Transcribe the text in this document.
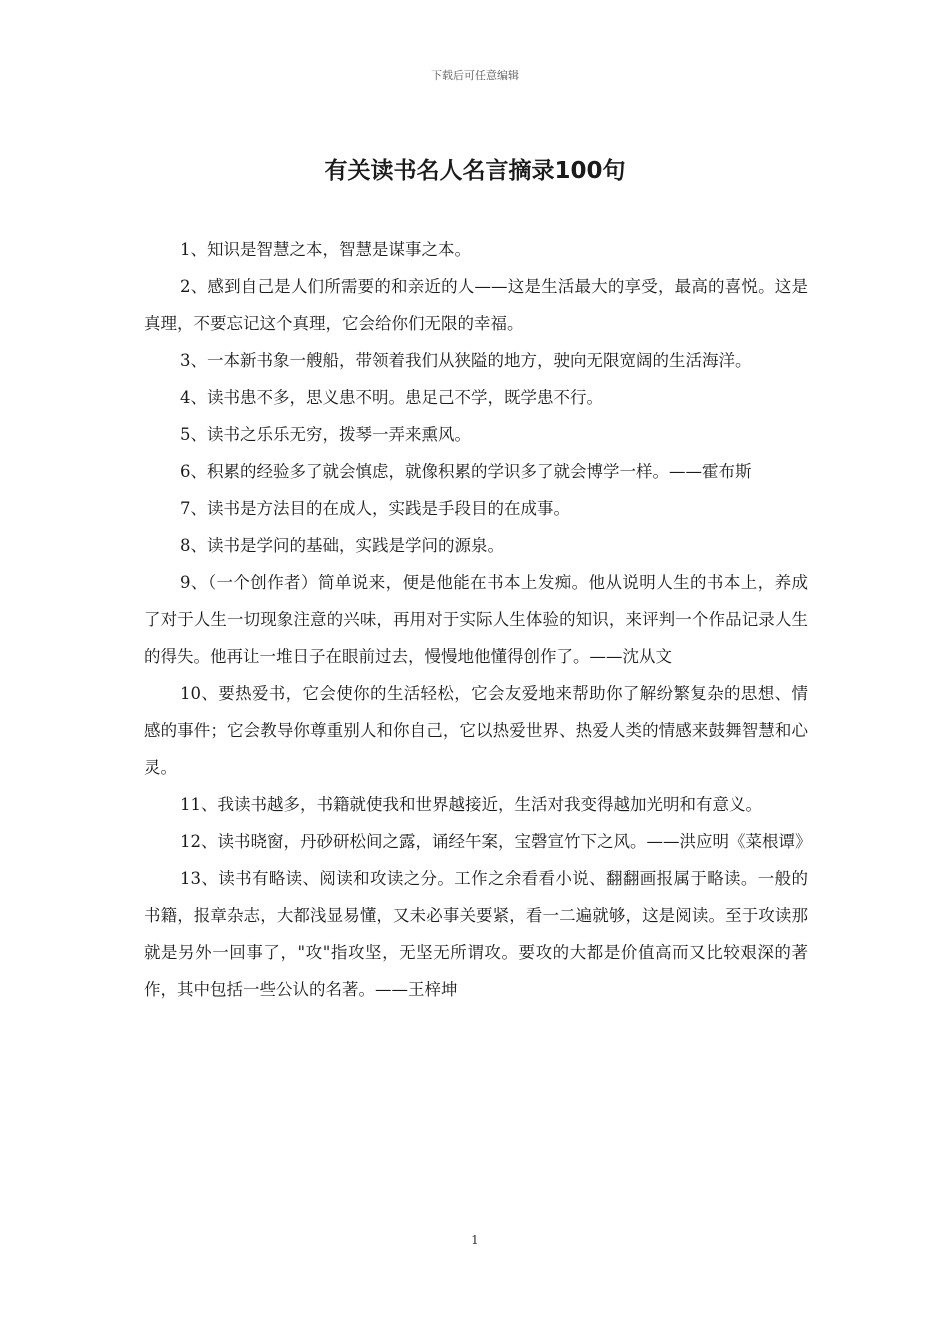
下载后可任意编辑
有关读书名人名言摘录100句

1、知识是智慧之本，智慧是谋事之本。

2、感到自己是人们所需要的和亲近的人——这是生活最大的享受，最高的喜悦。这是真理，不要忘记这个真理，它会给你们无限的幸福。

3、一本新书象一艘船，带领着我们从狭隘的地方，驶向无限宽阔的生活海洋。

4、读书患不多，思义患不明。患足己不学，既学患不行。

5、读书之乐乐无穷，拨琴一弄来熏风。

6、积累的经验多了就会慎虑，就像积累的学识多了就会博学一样。——霍布斯

7、读书是方法目的在成人，实践是手段目的在成事。

8、读书是学问的基础，实践是学问的源泉。

9、（一个创作者）简单说来，便是他能在书本上发痴。他从说明人生的书本上，养成了对于人生一切现象注意的兴味，再用对于实际人生体验的知识，来评判一个作品记录人生的得失。他再让一堆日子在眼前过去，慢慢地他懂得创作了。——沈从文

10、要热爱书，它会使你的生活轻松，它会友爱地来帮助你了解纷繁复杂的思想、情感的事件；它会教导你尊重别人和你自己，它以热爱世界、热爱人类的情感来鼓舞智慧和心灵。

11、我读书越多，书籍就使我和世界越接近，生活对我变得越加光明和有意义。

12、读书晓窗，丹砂研松间之露，诵经午案，宝磬宣竹下之风。——洪应明《菜根谭》

13、读书有略读、阅读和攻读之分。工作之余看看小说、翻翻画报属于略读。一般的书籍，报章杂志，大都浅显易懂，又未必事关要紧，看一二遍就够，这是阅读。至于攻读那就是另外一回事了，"攻"指攻坚，无坚无所谓攻。要攻的大都是价值高而又比较艰深的著作，其中包括一些公认的名著。——王梓坤

1
